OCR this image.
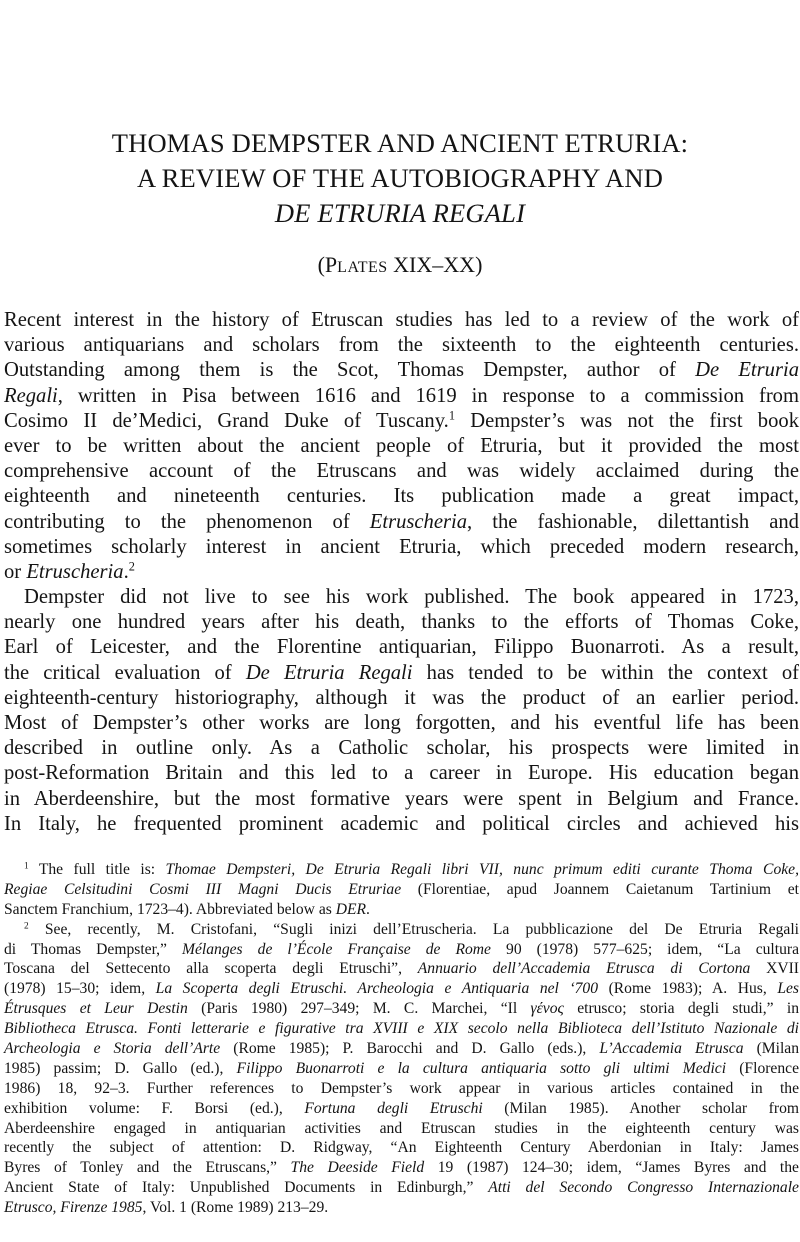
THOMAS DEMPSTER AND ANCIENT ETRURIA:
A REVIEW OF THE AUTOBIOGRAPHY AND
DE ETRURIA REGALI
(PLATES XIX–XX)
Recent interest in the history of Etruscan studies has led to a review of the work of
various antiquarians and scholars from the sixteenth to the eighteenth centuries.
Outstanding among them is the Scot, Thomas Dempster, author of De Etruria
Regali, written in Pisa between 1616 and 1619 in response to a commission from
Cosimo II de’Medici, Grand Duke of Tuscany.$^1$ Dempster’s was not the first book
ever to be written about the ancient people of Etruria, but it provided the most
comprehensive account of the Etruscans and was widely acclaimed during the
eighteenth and nineteenth centuries. Its publication made a great impact,
contributing to the phenomenon of Etruscheria, the fashionable, dilettantish and
sometimes scholarly interest in ancient Etruria, which preceded modern research,
or Etruscheria.$^2$
Dempster did not live to see his work published. The book appeared in 1723,
nearly one hundred years after his death, thanks to the efforts of Thomas Coke,
Earl of Leicester, and the Florentine antiquarian, Filippo Buonarroti. As a result,
the critical evaluation of De Etruria Regali has tended to be within the context of
eighteenth-century historiography, although it was the product of an earlier period.
Most of Dempster’s other works are long forgotten, and his eventful life has been
described in outline only. As a Catholic scholar, his prospects were limited in
post-Reformation Britain and this led to a career in Europe. His education began
in Aberdeenshire, but the most formative years were spent in Belgium and France.
In Italy, he frequented prominent academic and political circles and achieved his
$^1$ The full title is: Thomae Dempsteri, De Etruria Regali libri VII, nunc primum editi curante Thoma Coke,
Regiae Celsitudini Cosmi III Magni Ducis Etruriae (Florentiae, apud Joannem Caietanum Tartinium et
Sanctem Franchium, 1723–4). Abbreviated below as DER.
$^2$ See, recently, M. Cristofani, “Sugli inizi dell’Etruscheria. La pubblicazione del De Etruria Regali
di Thomas Dempster,” Mélanges de l’École Française de Rome 90 (1978) 577–625; idem, “La cultura
Toscana del Settecento alla scoperta degli Etruschi”, Annuario dell’Accademia Etrusca di Cortona XVII
(1978) 15–30; idem, La Scoperta degli Etruschi. Archeologia e Antiquaria nel ‘700 (Rome 1983); A. Hus, Les
Étrusques et Leur Destin (Paris 1980) 297–349; M. C. Marchei, “Il γένος etrusco; storia degli studi,” in
Bibliotheca Etrusca. Fonti letterarie e figurative tra XVIII e XIX secolo nella Biblioteca dell’Istituto Nazionale di
Archeologia e Storia dell’Arte (Rome 1985); P. Barocchi and D. Gallo (eds.), L’Accademia Etrusca (Milan
1985) passim; D. Gallo (ed.), Filippo Buonarroti e la cultura antiquaria sotto gli ultimi Medici (Florence
1986) 18, 92–3. Further references to Dempster’s work appear in various articles contained in the
exhibition volume: F. Borsi (ed.), Fortuna degli Etruschi (Milan 1985). Another scholar from
Aberdeenshire engaged in antiquarian activities and Etruscan studies in the eighteenth century was
recently the subject of attention: D. Ridgway, “An Eighteenth Century Aberdonian in Italy: James
Byres of Tonley and the Etruscans,” The Deeside Field 19 (1987) 124–30; idem, “James Byres and the
Ancient State of Italy: Unpublished Documents in Edinburgh,” Atti del Secondo Congresso Internazionale
Etrusco, Firenze 1985, Vol. 1 (Rome 1989) 213–29.
